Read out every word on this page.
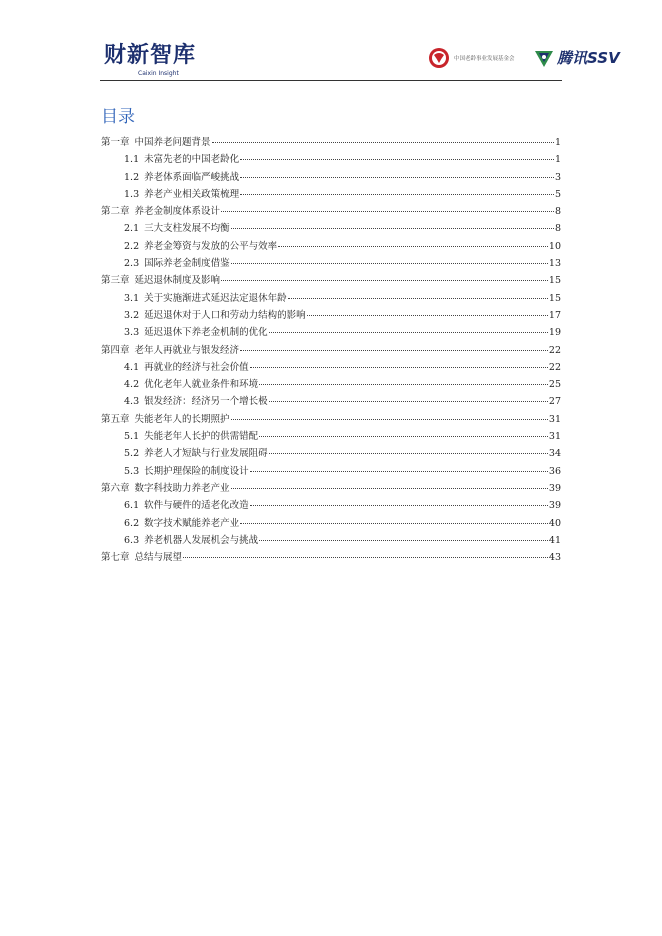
财新智库
Caixin Insight
中国老龄事业发展基金会	腾讯SSV
目录
第一章 中国养老问题背景	1
1.1 未富先老的中国老龄化	1
1.2 养老体系面临严峻挑战	3
1.3 养老产业相关政策梳理	5
第二章 养老金制度体系设计	8
2.1 三大支柱发展不均衡	8
2.2 养老金筹资与发放的公平与效率	10
2.3 国际养老金制度借鉴	13
第三章 延迟退休制度及影响	15
3.1 关于实施渐进式延迟法定退休年龄	15
3.2 延迟退休对于人口和劳动力结构的影响	17
3.3 延迟退休下养老金机制的优化	19
第四章 老年人再就业与银发经济	22
4.1 再就业的经济与社会价值	22
4.2 优化老年人就业条件和环境	25
4.3 银发经济：经济另一个增长极	27
第五章 失能老年人的长期照护	31
5.1 失能老年人长护的供需错配	31
5.2 养老人才短缺与行业发展阻碍	34
5.3 长期护理保险的制度设计	36
第六章 数字科技助力养老产业	39
6.1 软件与硬件的适老化改造	39
6.2 数字技术赋能养老产业	40
6.3 养老机器人发展机会与挑战	41
第七章 总结与展望	43
